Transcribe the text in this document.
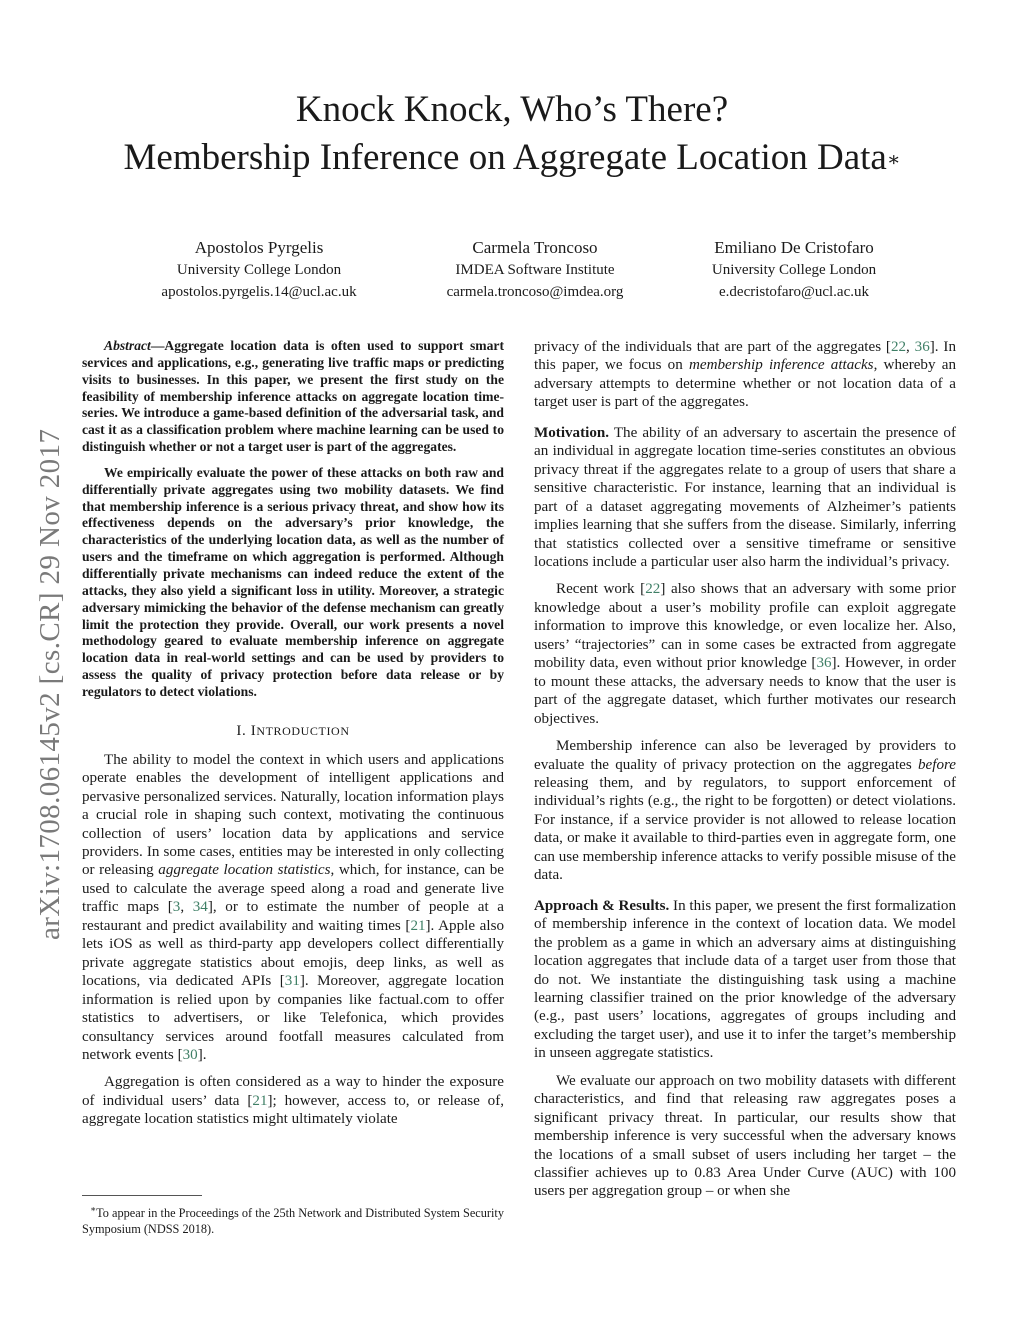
arXiv:1708.06145v2 [cs.CR] 29 Nov 2017
Knock Knock, Who’s There?
Membership Inference on Aggregate Location Data∗
Apostolos Pyrgelis
University College London
apostolos.pyrgelis.14@ucl.ac.uk
Carmela Troncoso
IMDEA Software Institute
carmela.troncoso@imdea.org
Emiliano De Cristofaro
University College London
e.decristofaro@ucl.ac.uk

Abstract—Aggregate location data is often used to support smart services and applications, e.g., generating live traffic maps or predicting visits to businesses. In this paper, we present the first study on the feasibility of membership inference attacks on aggregate location time-series. We introduce a game-based definition of the adversarial task, and cast it as a classification problem where machine learning can be used to distinguish whether or not a target user is part of the aggregates.

We empirically evaluate the power of these attacks on both raw and differentially private aggregates using two mobility datasets. We find that membership inference is a serious privacy threat, and show how its effectiveness depends on the adversary’s prior knowledge, the characteristics of the underlying location data, as well as the number of users and the timeframe on which aggregation is performed. Although differentially private mechanisms can indeed reduce the extent of the attacks, they also yield a significant loss in utility. Moreover, a strategic adversary mimicking the behavior of the defense mechanism can greatly limit the protection they provide. Overall, our work presents a novel methodology geared to evaluate membership inference on aggregate location data in real-world settings and can be used by providers to assess the quality of privacy protection before data release or by regulators to detect violations.

I. INTRODUCTION

The ability to model the context in which users and applications operate enables the development of intelligent applications and pervasive personalized services. Naturally, location information plays a crucial role in shaping such context, motivating the continuous collection of users’ location data by applications and service providers. In some cases, entities may be interested in only collecting or releasing aggregate location statistics, which, for instance, can be used to calculate the average speed along a road and generate live traffic maps [3, 34], or to estimate the number of people at a restaurant and predict availability and waiting times [21]. Apple also lets iOS as well as third-party app developers collect differentially private aggregate statistics about emojis, deep links, as well as locations, via dedicated APIs [31]. Moreover, aggregate location information is relied upon by companies like factual.com to offer statistics to advertisers, or like Telefonica, which provides consultancy services around footfall measures calculated from network events [30].

Aggregation is often considered as a way to hinder the exposure of individual users’ data [21]; however, access to, or release of, aggregate location statistics might ultimately violate

∗To appear in the Proceedings of the 25th Network and Distributed System Security Symposium (NDSS 2018).

privacy of the individuals that are part of the aggregates [22, 36]. In this paper, we focus on membership inference attacks, whereby an adversary attempts to determine whether or not location data of a target user is part of the aggregates.

Motivation. The ability of an adversary to ascertain the presence of an individual in aggregate location time-series constitutes an obvious privacy threat if the aggregates relate to a group of users that share a sensitive characteristic. For instance, learning that an individual is part of a dataset aggregating movements of Alzheimer’s patients implies learning that she suffers from the disease. Similarly, inferring that statistics collected over a sensitive timeframe or sensitive locations include a particular user also harm the individual’s privacy.

Recent work [22] also shows that an adversary with some prior knowledge about a user’s mobility profile can exploit aggregate information to improve this knowledge, or even localize her. Also, users’ “trajectories” can in some cases be extracted from aggregate mobility data, even without prior knowledge [36]. However, in order to mount these attacks, the adversary needs to know that the user is part of the aggregate dataset, which further motivates our research objectives.

Membership inference can also be leveraged by providers to evaluate the quality of privacy protection on the aggregates before releasing them, and by regulators, to support enforcement of individual’s rights (e.g., the right to be forgotten) or detect violations. For instance, if a service provider is not allowed to release location data, or make it available to third-parties even in aggregate form, one can use membership inference attacks to verify possible misuse of the data.

Approach & Results. In this paper, we present the first formalization of membership inference in the context of location data. We model the problem as a game in which an adversary aims at distinguishing location aggregates that include data of a target user from those that do not. We instantiate the distinguishing task using a machine learning classifier trained on the prior knowledge of the adversary (e.g., past users’ locations, aggregates of groups including and excluding the target user), and use it to infer the target’s membership in unseen aggregate statistics.

We evaluate our approach on two mobility datasets with different characteristics, and find that releasing raw aggregates poses a significant privacy threat. In particular, our results show that membership inference is very successful when the adversary knows the locations of a small subset of users including her target – the classifier achieves up to 0.83 Area Under Curve (AUC) with 100 users per aggregation group – or when she
